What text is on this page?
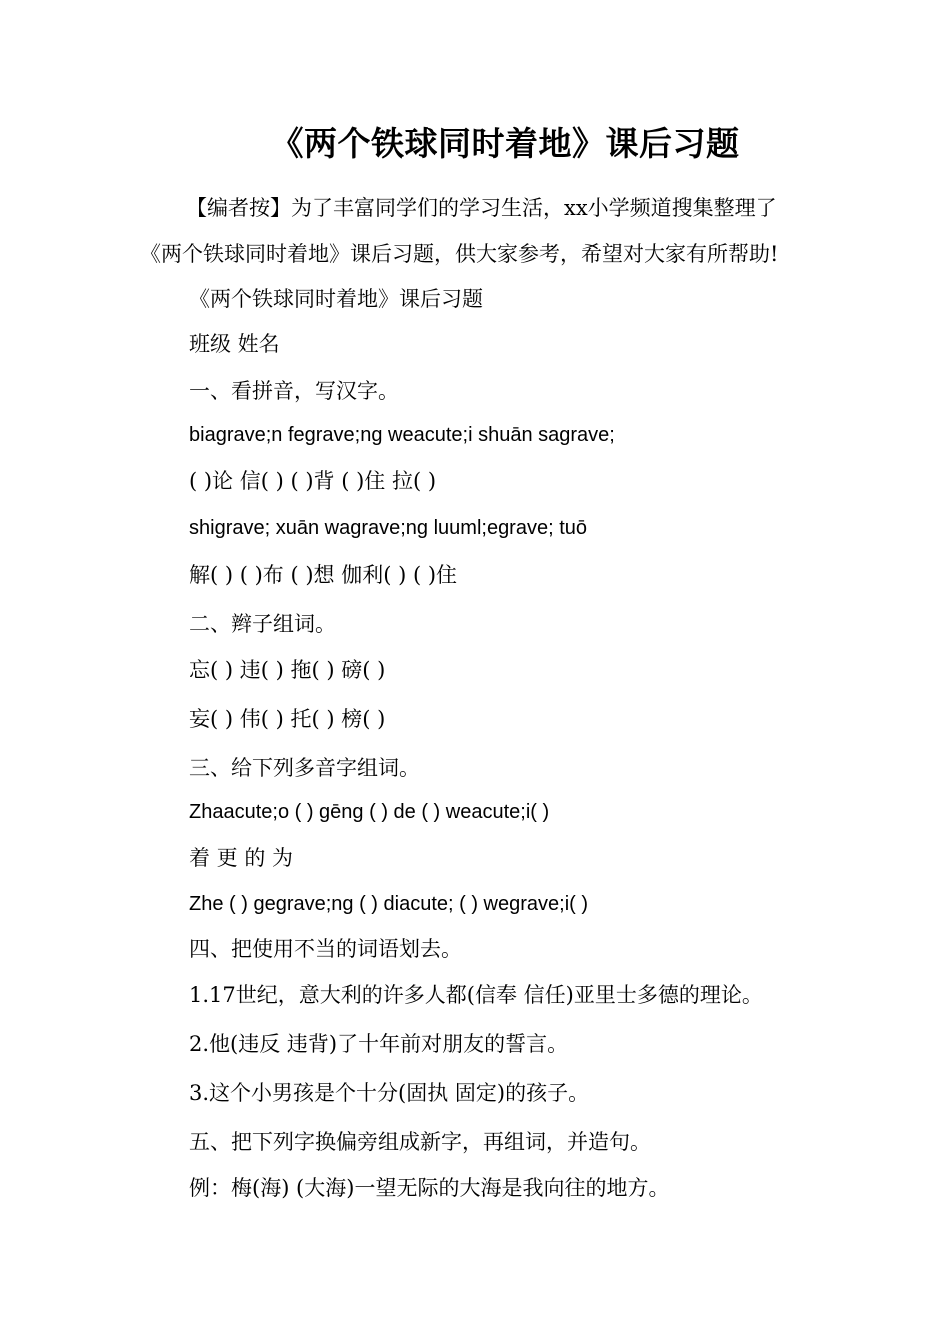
《两个铁球同时着地》课后习题
【编者按】为了丰富同学们的学习生活，xx小学频道搜集整理了《两个铁球同时着地》课后习题，供大家参考，希望对大家有所帮助!
《两个铁球同时着地》课后习题
班级 姓名
一、看拼音，写汉字。
biagrave;n fegrave;ng weacute;i shuān sagrave;
( )论 信( ) ( )背 ( )住 拉( )
shigrave; xuān wagrave;ng luuml;egrave; tuō
解( ) ( )布 ( )想 伽利( ) ( )住
二、辫子组词。
忘( ) 违( ) 拖( ) 磅( )
妄( ) 伟( ) 托( ) 榜( )
三、给下列多音字组词。
Zhaacute;o ( ) gēng ( ) de ( ) weacute;i( )
着 更 的 为
Zhe ( ) gegrave;ng ( ) diacute; ( ) wegrave;i( )
四、把使用不当的词语划去。
1.17世纪，意大利的许多人都(信奉 信任)亚里士多德的理论。
2.他(违反 违背)了十年前对朋友的誓言。
3.这个小男孩是个十分(固执 固定)的孩子。
五、把下列字换偏旁组成新字，再组词，并造句。
例：梅(海) (大海)一望无际的大海是我向往的地方。
